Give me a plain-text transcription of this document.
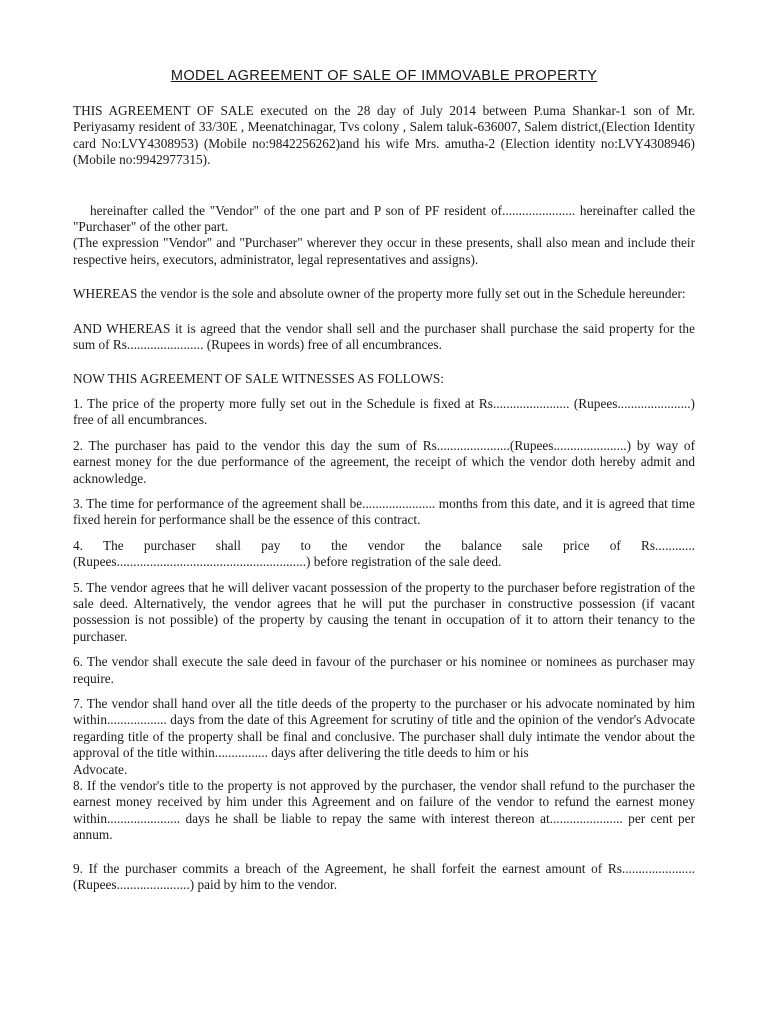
MODEL AGREEMENT OF SALE OF IMMOVABLE PROPERTY

THIS AGREEMENT OF SALE executed on the 28 day of July 2014 between P.uma Shankar-1 son of Mr. Periyasamy resident of 33/30E , Meenatchinagar, Tvs colony , Salem taluk-636007, Salem district,(Election Identity card No:LVY4308953) (Mobile no:9842256262)and his wife Mrs. amutha-2 (Election identity no:LVY4308946)(Mobile no:9942977315).

hereinafter called the "Vendor" of the one part and P son of PF resident of...................... hereinafter called the "Purchaser" of the other part.

(The expression "Vendor" and "Purchaser" wherever they occur in these presents, shall also mean and include their respective heirs, executors, administrator, legal representatives and assigns).

WHEREAS the vendor is the sole and absolute owner of the property more fully set out in the Schedule hereunder:

AND WHEREAS it is agreed that the vendor shall sell and the purchaser shall purchase the said property for the sum of Rs....................... (Rupees in words) free of all encumbrances.

NOW THIS AGREEMENT OF SALE WITNESSES AS FOLLOWS:

1. The price of the property more fully set out in the Schedule is fixed at Rs....................... (Rupees......................) free of all encumbrances.

2. The purchaser has paid to the vendor this day the sum of Rs......................(Rupees......................) by way of earnest money for the due performance of the agreement, the receipt of which the vendor doth hereby admit and acknowledge.

3. The time for performance of the agreement shall be...................... months from this date, and it is agreed that time fixed herein for performance shall be the essence of this contract.

4. The purchaser shall pay to the vendor the balance sale price of Rs............ (Rupees.........................................................) before registration of the sale deed.

5. The vendor agrees that he will deliver vacant possession of the property to the purchaser before registration of the sale deed. Alternatively, the vendor agrees that he will put the purchaser in constructive possession (if vacant possession is not possible) of the property by causing the tenant in occupation of it to attorn their tenancy to the purchaser.

6. The vendor shall execute the sale deed in favour of the purchaser or his nominee or nominees as purchaser may require.

7. The vendor shall hand over all the title deeds of the property to the purchaser or his advocate nominated by him within.................. days from the date of this Agreement for scrutiny of title and the opinion of the vendor's Advocate regarding title of the property shall be final and conclusive. The purchaser shall duly intimate the vendor about the approval of the title within................ days after delivering the title deeds to him or his

Advocate.

8. If the vendor's title to the property is not approved by the purchaser, the vendor shall refund to the purchaser the earnest money received by him under this Agreement and on failure of the vendor to refund the earnest money within...................... days he shall be liable to repay the same with interest thereon at...................... per cent per annum.

9. If the purchaser commits a breach of the Agreement, he shall forfeit the earnest amount of Rs...................... (Rupees......................) paid by him to the vendor.
